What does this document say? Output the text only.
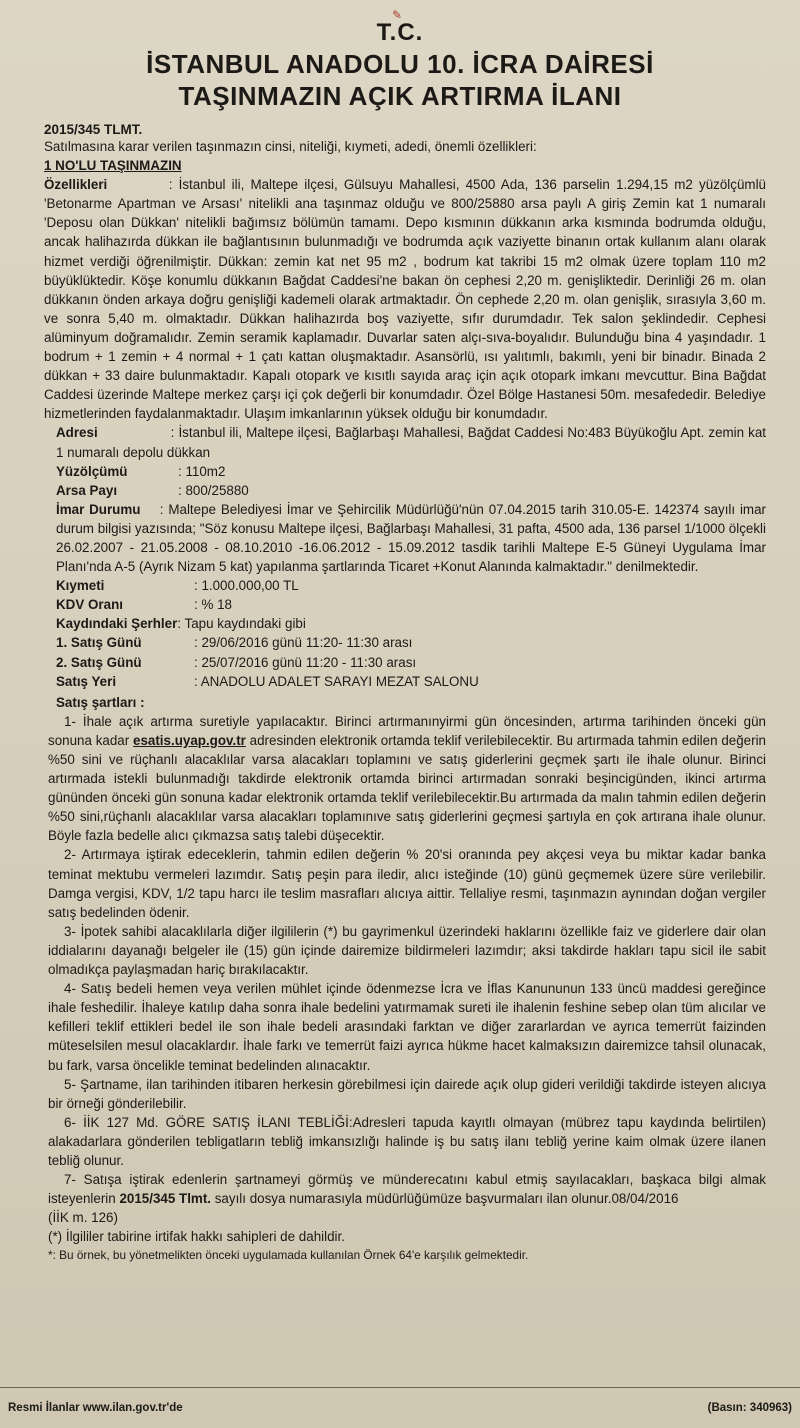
✎

T.C.

İSTANBUL ANADOLU 10. İCRA DAİRESİ

TAŞINMAZIN AÇIK ARTIRMA İLANI

2015/345 TLMT.
Satılmasına karar verilen taşınmazın cinsi, niteliği, kıymeti, adedi, önemli özellikleri:
1 NO'LU TAŞINMAZIN
Özellikleri	: İstanbul ili, Maltepe ilçesi, Gülsuyu Mahallesi, 4500 Ada, 136 parselin 1.294,15 m2 yüzölçümlü 'Betonarme Apartman ve Arsası' nitelikli ana taşınmaz olduğu ve 800/25880 arsa paylı A giriş Zemin kat 1 numaralı 'Deposu olan Dükkan' nitelikli bağımsız bölümün tamamı. Depo kısmının dükkanın arka kısmında bodrumda olduğu, ancak halihazırda dükkan ile bağlantısının bulunmadığı ve bodrumda açık vaziyette binanın ortak kullanım alanı olarak hizmet verdiği öğrenilmiştir. Dükkan: zemin kat net 95 m2 , bodrum kat takribi 15 m2 olmak üzere toplam 110 m2 büyüklüktedir. Köşe konumlu dükkanın Bağdat Caddesi'ne bakan ön cephesi 2,20 m. genişliktedir. Derinliği 26 m. olan dükkanın önden arkaya doğru genişliği kademeli olarak artmaktadır. Ön cephede 2,20 m. olan genişlik, sırasıyla 3,60 m. ve sonra 5,40 m. olmaktadır. Dükkan halihazırda boş vaziyette, sıfır durumdadır. Tek salon şeklindedir. Cephesi alüminyum doğramalıdır. Zemin seramik kaplamadır. Duvarlar saten alçı-sıva-boyalıdır. Bulunduğu bina 4 yaşındadır. 1 bodrum + 1 zemin + 4 normal + 1 çatı kattan oluşmaktadır. Asansörlü, ısı yalıtımlı, bakımlı, yeni bir binadır. Binada 2 dükkan + 33 daire bulunmaktadır. Kapalı otopark ve kısıtlı sayıda araç için açık otopark imkanı mevcuttur. Bina Bağdat Caddesi üzerinde Maltepe merkez çarşı içi çok değerli bir konumdadır. Özel Bölge Hastanesi 50m. mesafededir. Belediye hizmetlerinden faydalanmaktadır. Ulaşım imkanlarının yüksek olduğu bir konumdadır.
Adresi	: İstanbul ili, Maltepe ilçesi, Bağlarbaşı Mahallesi, Bağdat Caddesi No:483 Büyükoğlu Apt. zemin kat 1 numaralı depolu dükkan
Yüzölçümü	: 110m2
Arsa Payı	: 800/25880
İmar Durumu : Maltepe Belediyesi İmar ve Şehircilik Müdürlüğü'nün 07.04.2015 tarih 310.05-E. 142374 sayılı imar durum bilgisi yazısında; "Söz konusu Maltepe ilçesi, Bağlarbaşı Mahallesi, 31 pafta, 4500 ada, 136 parsel 1/1000 ölçekli 26.02.2007 - 21.05.2008 - 08.10.2010 -16.06.2012 - 15.09.2012 tasdik tarihli Maltepe E-5 Güneyi Uygulama İmar Planı'nda A-5 (Ayrık Nizam 5 kat) yapılanma şartlarında Ticaret +Konut Alanında kalmaktadır." denilmektedir.
Kıymeti	: 1.000.000,00 TL
KDV Oranı	: % 18
Kaydındaki Şerhler : Tapu kaydındaki gibi
1. Satış Günü	: 29/06/2016 günü 11:20- 11:30 arası
2. Satış Günü	: 25/07/2016 günü 11:20 - 11:30 arası
Satış Yeri	: ANADOLU ADALET SARAYI MEZAT SALONU
Satış şartları :
1- İhale açık artırma suretiyle yapılacaktır. Birinci artırmanınyirmi gün öncesinden, artırma tarihinden önceki gün sonuna kadar esatis.uyap.gov.tr adresinden elektronik ortamda teklif verilebilecektir. Bu artırmada tahmin edilen değerin %50 sini ve rüçhanlı alacaklılar varsa alacakları toplamını ve satış giderlerini geçmek şartı ile ihale olunur. Birinci artırmada istekli bulunmadığı takdirde elektronik ortamda birinci artırmadan sonraki beşincigünden, ikinci artırma gününden önceki gün sonuna kadar elektronik ortamda teklif verilebilecektir.Bu artırmada da malın tahmin edilen değerin %50 sini,rüçhanlı alacaklılar varsa alacakları toplamınıve satış giderlerini geçmesi şartıyla en çok artırana ihale olunur. Böyle fazla bedelle alıcı çıkmazsa satış talebi düşecektir.
2- Artırmaya iştirak edeceklerin, tahmin edilen değerin % 20'si oranında pey akçesi veya bu miktar kadar banka teminat mektubu vermeleri lazımdır. Satış peşin para iledir, alıcı isteğinde (10) günü geçmemek üzere süre verilebilir. Damga vergisi, KDV, 1/2 tapu harcı ile teslim masrafları alıcıya aittir. Tellaliye resmi, taşınmazın aynından doğan vergiler satış bedelinden ödenir.
3- İpotek sahibi alacaklılarla diğer ilgililerin (*) bu gayrimenkul üzerindeki haklarını özellikle faiz ve giderlere dair olan iddialarını dayanağı belgeler ile (15) gün içinde dairemize bildirmeleri lazımdır; aksi takdirde hakları tapu sicil ile sabit olmadıkça paylaşmadan hariç bırakılacaktır.
4- Satış bedeli hemen veya verilen mühlet içinde ödenmezse İcra ve İflas Kanununun 133 üncü maddesi gereğince ihale feshedilir. İhaleye katılıp daha sonra ihale bedelini yatırmamak sureti ile ihalenin feshine sebep olan tüm alıcılar ve kefilleri teklif ettikleri bedel ile son ihale bedeli arasındaki farktan ve diğer zararlardan ve ayrıca temerrüt faizinden müteselsilen mesul olacaklardır. İhale farkı ve temerrüt faizi ayrıca hükme hacet kalmaksızın dairemizce tahsil olunacak, bu fark, varsa öncelikle teminat bedelinden alınacaktır.
5- Şartname, ilan tarihinden itibaren herkesin görebilmesi için dairede açık olup gideri verildiği takdirde isteyen alıcıya bir örneği gönderilebilir.
6- İİK 127 Md. GÖRE SATIŞ İLANI TEBLİĞİ:Adresleri tapuda kayıtlı olmayan (mübrez tapu kaydında belirtilen) alakadarlara gönderilen tebligatların tebliğ imkansızlığı halinde iş bu satış ilanı tebliğ yerine kaim olmak üzere ilanen tebliğ olunur.
7- Satışa iştirak edenlerin şartnameyi görmüş ve münderecatını kabul etmiş sayılacakları, başkaca bilgi almak isteyenlerin 2015/345 Tlmt. sayılı dosya numarasıyla müdürlüğümüze başvurmaları ilan olunur.08/04/2016
(İİK m. 126)
(*) İlgililer tabirine irtifak hakkı sahipleri de dahildir.
*: Bu örnek, bu yönetmelikten önceki uygulamada kullanılan Örnek 64'e karşılık gelmektedir.
Resmi İlanlar www.ilan.gov.tr'de	(Basın: 340963)
